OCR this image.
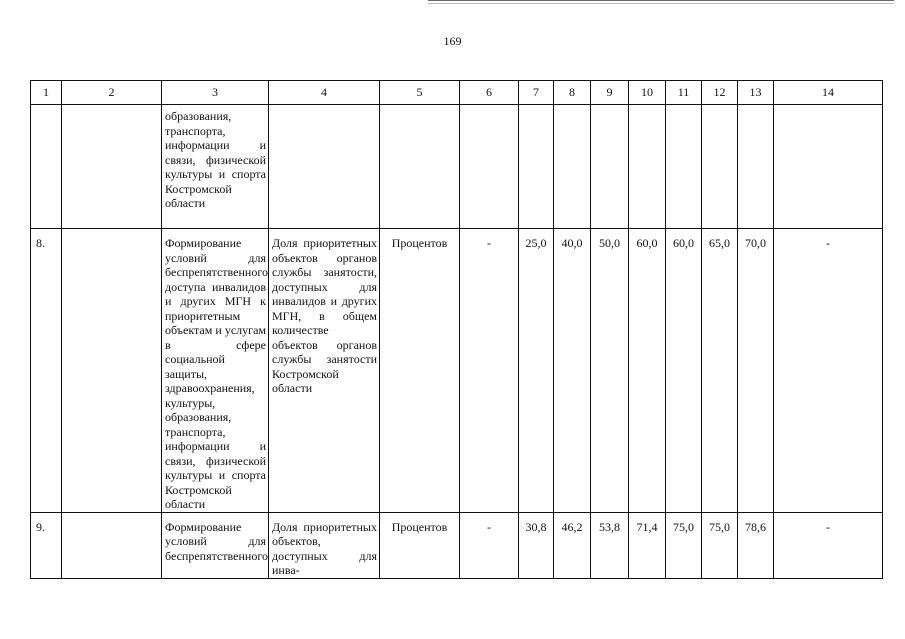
169
1	2	3	4	5	6	7	8	9	10	11	12	13	14
		образования, транспорта, информации и связи, физической культуры и спорта Костромской области											
8.		Формирование условий для беспрепятственного доступа инвалидов и других МГН к приоритетным объектам и услугам в сфере социальной защиты, здравоохранения, культуры, образования, транспорта, информации и связи, физической культуры и спорта Костромской области	Доля приоритетных объектов органов службы занятости, доступных для инвалидов и других МГН, в общем количестве объектов органов службы занятости Костромской области	Процентов	-	25,0	40,0	50,0	60,0	60,0	65,0	70,0	-
9.		Формирование условий для беспрепятственного	Доля приоритетных объектов, доступных для инва-	Процентов	-	30,8	46,2	53,8	71,4	75,0	75,0	78,6	-
